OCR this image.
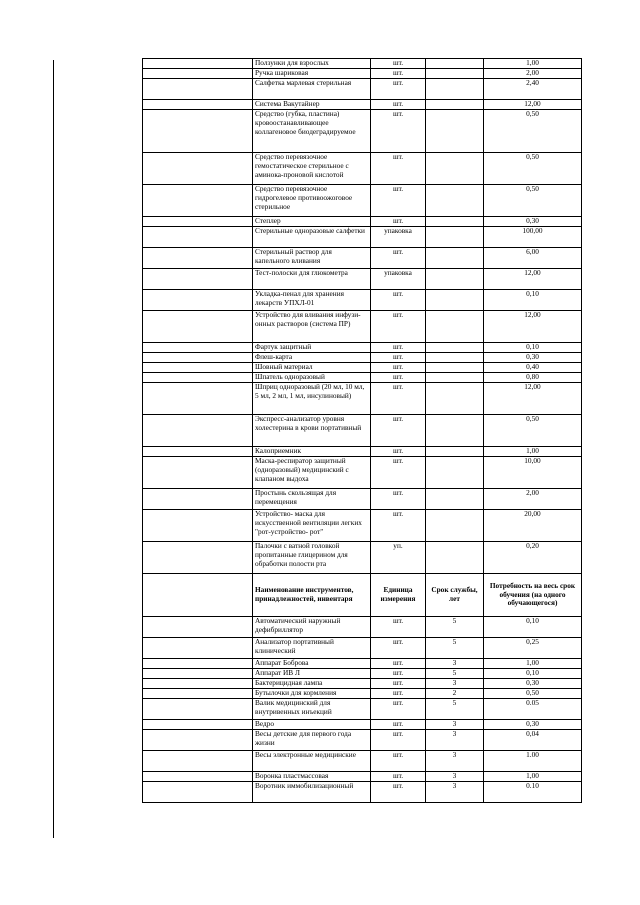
	Ползунки для взрослых	шт.		1,00
	Ручка шариковая	шт.		2,00
	Салфетка марлевая стерильная	шт.		2,40
	Система Вакутайнер	шт.		12,00
	Средство (губка, пластина) кровоостанавливающее коллагеновое биодеградируемое	шт.		0,50
	Средство перевязочное гемостатическое стерильное с аминока-проновой кислотой	шт.		0,50
	Средство перевязочное гидрогелевое противоожоговое стерильное	шт.		0,50
	Степлер	шт.		0,30
	Стерильные одноразовые салфетки	упаковка		100,00
	Стерильный раствор для капельного вливания	шт.		6,00
	Тест-полоски для глюкометра	упаковка		12,00
	Укладка-пенал для хранения лекарств УПХЛ-01	шт.		0,10
	Устройство для вливания инфузи-онных растворов (система ПР)	шт.		12,00
	Фартук защитный	шт.		0,10
	Флеш-карта	шт.		0,30
	Шовный материал	шт.		0,40
	Шпатель одноразовый	шт.		0,80
	Шприц одноразовый (20 мл, 10 мл, 5 мл, 2 мл, 1 мл, инсулиновый)	шт.		12,00
	Экспресс-анализатор уровня холестерина в крови портативный	шт.		0,50
	Калоприемник	шт.		1,00
	Маска-респиратор защитный (одноразовый) медицинский с клапаном выдоха	шт.		10,00
	Простынь скользящая для перемещения	шт.		2,00
	Устройство- маска для искусственной вентиляции легких "рот-устройство- рот"	шт.		20,00
	Палочки с ватной головкой пропитанные глицерином для обработки полости рта	уп.		0,20
	Наименование инструментов, принадлежностей, инвентаря	Единица измерения	Срок службы, лет	Потребность на весь срок обучения (на одного обучающегося)
	Автоматический наружный дефибриллятор	шт.	5	0,10
	Анализатор портативный клинический	шт.	5	0,25
	Аппарат Боброва	шт.	3	1,00
	Аппарат ИВ Л	шт.	5	0,10
	Бактерицидная лампа	шт.	3	0,30
	Бутылочки для кормления	шт.	2	0,50
	Валик медицинский для внутривенных инъекций	шт.	5	0.05
	Ведро	шт.	3	0,30
	Весы детские для первого года жизни	шт.	3	0,04
	Весы электронные медицинские	шт.	3	1.00
	Воронка пластмассовая	шт.	3	1,00
	Воротник иммобилизационный	шт.	3	0.10
